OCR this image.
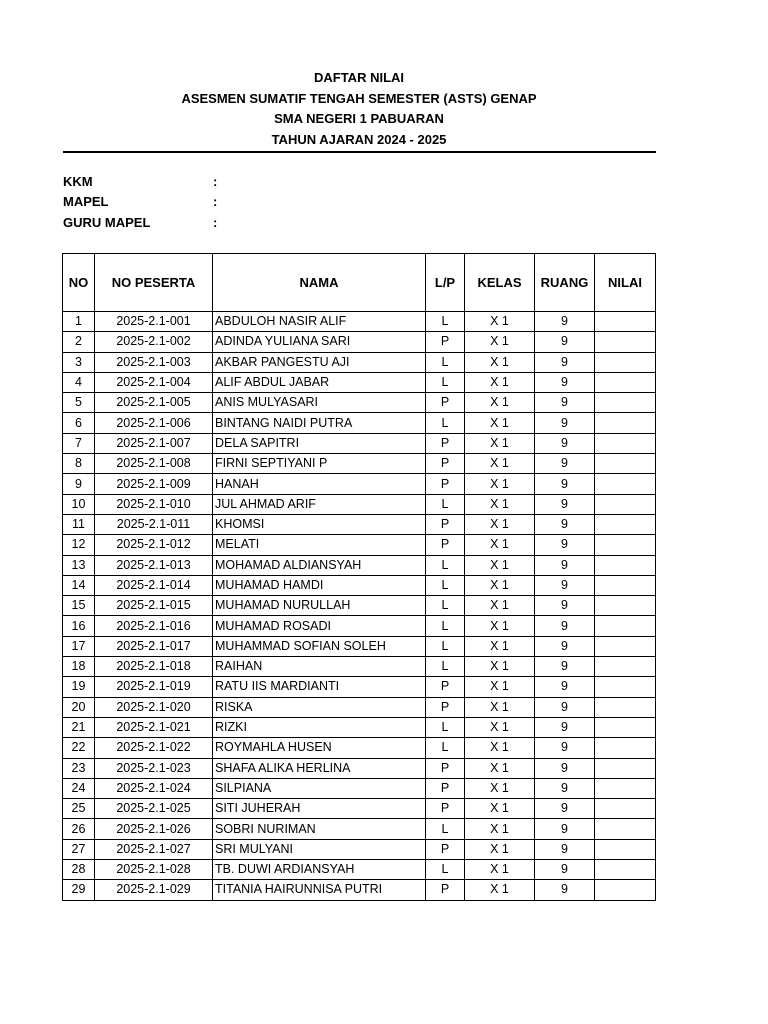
DAFTAR NILAI
ASESMEN SUMATIF TENGAH SEMESTER (ASTS) GENAP
SMA NEGERI 1 PABUARAN
TAHUN AJARAN 2024 - 2025
KKM	:
MAPEL	:
GURU MAPEL	:
NO	NO PESERTA	NAMA	L/P	KELAS	RUANG	NILAI
1	2025-2.1-001	ABDULOH NASIR ALIF	L	X 1	9	
2	2025-2.1-002	ADINDA YULIANA SARI	P	X 1	9	
3	2025-2.1-003	AKBAR PANGESTU AJI	L	X 1	9	
4	2025-2.1-004	ALIF ABDUL JABAR	L	X 1	9	
5	2025-2.1-005	ANIS MULYASARI	P	X 1	9	
6	2025-2.1-006	BINTANG NAIDI PUTRA	L	X 1	9	
7	2025-2.1-007	DELA SAPITRI	P	X 1	9	
8	2025-2.1-008	FIRNI SEPTIYANI P	P	X 1	9	
9	2025-2.1-009	HANAH	P	X 1	9	
10	2025-2.1-010	JUL AHMAD ARIF	L	X 1	9	
11	2025-2.1-011	KHOMSI	P	X 1	9	
12	2025-2.1-012	MELATI	P	X 1	9	
13	2025-2.1-013	MOHAMAD ALDIANSYAH	L	X 1	9	
14	2025-2.1-014	MUHAMAD HAMDI	L	X 1	9	
15	2025-2.1-015	MUHAMAD NURULLAH	L	X 1	9	
16	2025-2.1-016	MUHAMAD ROSADI	L	X 1	9	
17	2025-2.1-017	MUHAMMAD SOFIAN SOLEH	L	X 1	9	
18	2025-2.1-018	RAIHAN	L	X 1	9	
19	2025-2.1-019	RATU IIS MARDIANTI	P	X 1	9	
20	2025-2.1-020	RISKA	P	X 1	9	
21	2025-2.1-021	RIZKI	L	X 1	9	
22	2025-2.1-022	ROYMAHLA HUSEN	L	X 1	9	
23	2025-2.1-023	SHAFA ALIKA HERLINA	P	X 1	9	
24	2025-2.1-024	SILPIANA	P	X 1	9	
25	2025-2.1-025	SITI JUHERAH	P	X 1	9	
26	2025-2.1-026	SOBRI NURIMAN	L	X 1	9	
27	2025-2.1-027	SRI MULYANI	P	X 1	9	
28	2025-2.1-028	TB. DUWI ARDIANSYAH	L	X 1	9	
29	2025-2.1-029	TITANIA HAIRUNNISA PUTRI	P	X 1	9	
